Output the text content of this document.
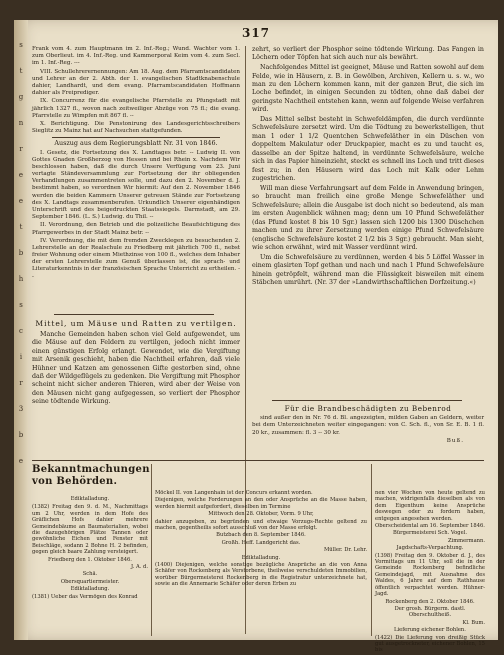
s
t
g
n
r
e
e
t
b
h
s
c
i
r
3
b
e
317

Frank vom 4. zum Hauptmann im 2. Inf.-Reg.; Wund. Wachter vom 1. zum Oberlieut. im 4. Inf.-Reg. und Kammerporal Keim vom 4. zum Secl. im 1. Inf.-Reg. ---

VIII. Schullehrerernennungen: Am 18. Aug. dem Pfarramtscandidaten und Lehrer an der 2. Abth. der 1. evangelischen Stadtknabenschule dahier, Landhardt, und dem evang. Pfarramtscandidaten Hoffmann dahier als Freiprediger.

IX. Concurrenz für die evangelische Pfarrstelle zu Pfungstadt mit jährlich 1327 fl., wovon nach zeitweiliger Abzüge von 75 fl.; die evang. Pfarrstelle zu Wimpfen mit 867 fl. --

X. Berichtigung. Die Penstonirung des Landesgerichtsschreibers Sieglitz zu Mainz hat auf Nachsuchen stattgefunden.

Auszug aus dem Regierungsblatt Nr. 31 von 1846.

I. Gesetz, die Fortsetzung des X. Landtages betr. -- Ludwig II. von Gottes Gnaden Großherzog von Hessen und bei Rhein x. Nachdem Wir beschlossen haben, daß die durch Unsere Verfügung vom 23. Juni vertagte Ständeversammlung zur Fortsetzung der ihr obliegenden Verhandlungen zusammentreten solle, und dazu den 2. November d. J. bestimmt haben, so verordnen Wir hiermit: Auf den 2. November 1846 werden die beiden Kammern Unserer getreuen Stände zur Fortsetzung des X. Landtags zusammenberufen. Urkundlich Unserer eigenhändigen Unterschrift und des beigedruckten Staatssiegels. Darmstadt, am 29. September 1846. (L. S.) Ludwig. du Thil. --

II. Verordnung, den Betrieb und die polizeiliche Beaufsichtigung des Pfarrgewerbes in der Stadt Mainz betr. --

IV. Verordnung, die mit dem fremden Zwecklegen zu besuchenden 2. Lehrerstelle an der Realschule zu Friedberg mit jährlich 700 fl., nebst freier Wohnung oder einem Miethzinse von 100 fl., welches dem Inhaber der ersten Lehrerstelle zum Genuß überlassen ist, die sprach- und Literaturkenntnis in der französischen Sprache Unterricht zu ertheilen. --

Mittel, um Mäuse und Ratten zu vertilgen.

Manche Gemeinden haben schon viel Geld aufgewendet, um die Mäuse auf den Feldern zu vertilgen, jedoch nicht immer einen günstigen Erfolg erlangt. Gewendet, wie die Vergiftung mit Arsenik geschieht, haben die Nachtheil erfahren, daß viele Hühner und Katzen am genossenen Gifte gestorben sind, ohne daß der Wildgeflügels zu gedenken. Die Vergiftung mit Phosphor scheint nicht sicher anderen Thieren, wird aber der Weise von den Mäusen nicht gang aufgegessen, so verliert der Phosphor seine tödtende Wirkung.

zehrt, so verliert der Phosphor seine tödtende Wirkung. Das Fangen in Löchern oder Töpfen hat sich auch nur als bewährt.

Nachfolgendes Mittel ist geeignet, Mäuse und Ratten sowohl auf dem Felde, wie in Häusern, z. B. in Gewölben, Archiven, Kellern u. s. w., wo man zu den Löchern kommen kann, mit der ganzen Brut, die sich im Loche befindet, in einigen Secunden zu tödten, ohne daß dabei der geringste Nachtheil entstehen kann, wenn auf folgende Weise verfahren wird.

Das Mittel selbst besteht in Schwefeldämpfen, die durch verdünnte Schwefelsäure zersetzt wird. Um die Tödtung zu bewerkstelligen, thut man 1 oder 1 1/2 Quentchen Schwefeläther in ein Düschen von doppeltem Makulatur oder Druckpapier, macht es zu und taucht es, dasselbe an der Spitze haltend, in verdünnte Schwefelsäure, welche sich in das Papier hineinzieht, steckt es schnell ins Loch und tritt dieses fest zu; in den Häusern wird das Loch mit Kalk oder Lehm zugestrichen.

Will man diese Verfahrungsart auf dem Felde in Anwendung bringen, so braucht man freilich eine große Menge Schwefeläther und Schwefelsäure; allein die Ausgabe ist doch nicht so bedeutend, als man im ersten Augenblick wähnen mag; denn um 10 Pfund Schwefeläther (das Pfund kostet 8 bis 10 Sgr.) lassen sich 1200 bis 1300 Düschchen machen und zu ihrer Zersetzung werden einige Pfund Schwefelsäure (englische Schwefelsäure kostet 2 1/2 bis 3 Sgr.) gebraucht. Man sieht, wie schon erwähnt, wird mit Wasser verdünnt wird.

Um die Schwefelsäure zu verdünnen, werden 4 bis 5 Löffel Wasser in einem glasirten Topf gethan und nach und nach 1 Pfund Schwefelsäure hinein getröpfelt, während man die Flüssigkeit bisweilen mit einem Stäbchen umrührt. (Nr. 37 der »Landwirthschaftlichen Dorfzeitung.«)

Für die Brandbeschädigten zu Bebenrod

sind außer den in Nr. 76 d. Bl. angezeigten, milden Gaben an Geldern, weiter bei dem Unterzeichneten weiter eingegangen: von C. Sch. fl., von Sr. E. B. 1 fl. 20 kr., zusammen: fl. 3 -- 30 kr.

Buß.
Bekanntmachungen von Behörden.
Ediktalladung.

(1382) Freitag den 9. d. M., Nachmittags um 2 Uhr, werden in dem Hofe des Gräflichen Hofs dahier mehrere Gemeindebäume an Baumaterialien, wobei die dazugehörigen Plätze Tannen oder gewöhnliche Eichen und Fenster mit Beischläge, sodann 2 Bohne H. 2 befinden, gegen gleich baare Zahlung versteigert.

Friedberg den 1. Oktober 1846.

J. A. d.

Schä.

Obersquartiermeister.

Ediktalladung.

(1381) Ueber das Vermögen des Konrad

Möckel II. von Langenhain ist der Concurs erkannt worden.

Diejenigen, welche Forderungen an den oder Ansprüche an die Masse haben, werden hiermit aufgefordert, dieselben im Termine

Mittwoch den 28. Oktober, Vorm. 9 Uhr,

dahier anzugeben, zu begründen und etwaige Vorzugs-Rechte geltend zu machen, gegentheilis sofort ausschluß von der Masse erfolgt.

Butzbach den 8. September 1846.

Großh. Heff. Landgericht das.

Müller. Dr. Lehr.

Ediktalladung.

(1400) Diejenigen, welche sonstige bezügliche Ansprüche an die von Anna Schäfer von Rockenberg als Verstorbene, theilweise verschuldeten Immobilien, worüber Bürgermeisterei Rockenberg in die Registratur unterzeichnete hat, sowie an die Annemarie Schäfer oder deren Erben zu

nen vier Wochen von heute geltend zu machen, widrigenfalls dieselben als von dem Eigenthum keine Ansprüche deswegen oder zu fordern haben, entgegen angesehen werden.

Oberscheidental am 16. September 1846.

Bürgermeisterei Sch. Vogel.

Zimmermann.

Jagdschafts-Verpachtung.

(1398) Freitag den 9. Oktober d. J., des Vormittags um 11 Uhr, soll die in der Gemeinde Rockenberg befindliche Gemeindejagd, mit Ausnahme des Waldes, 6 Jahre auf dem Rathhause öffentlich verpachtet werden. Hühner-Jagd.

Rockenberg den 2. Oktober 1846.

Der grosh. Bürgerm. dastl. Oberschultheiß.

Kl. Bum.

Lieferung eichener Bohlen.

(1422) Die Lieferung von dreißig Stück gut ausgetrockneter, eichener Bohlen, 15 bis
